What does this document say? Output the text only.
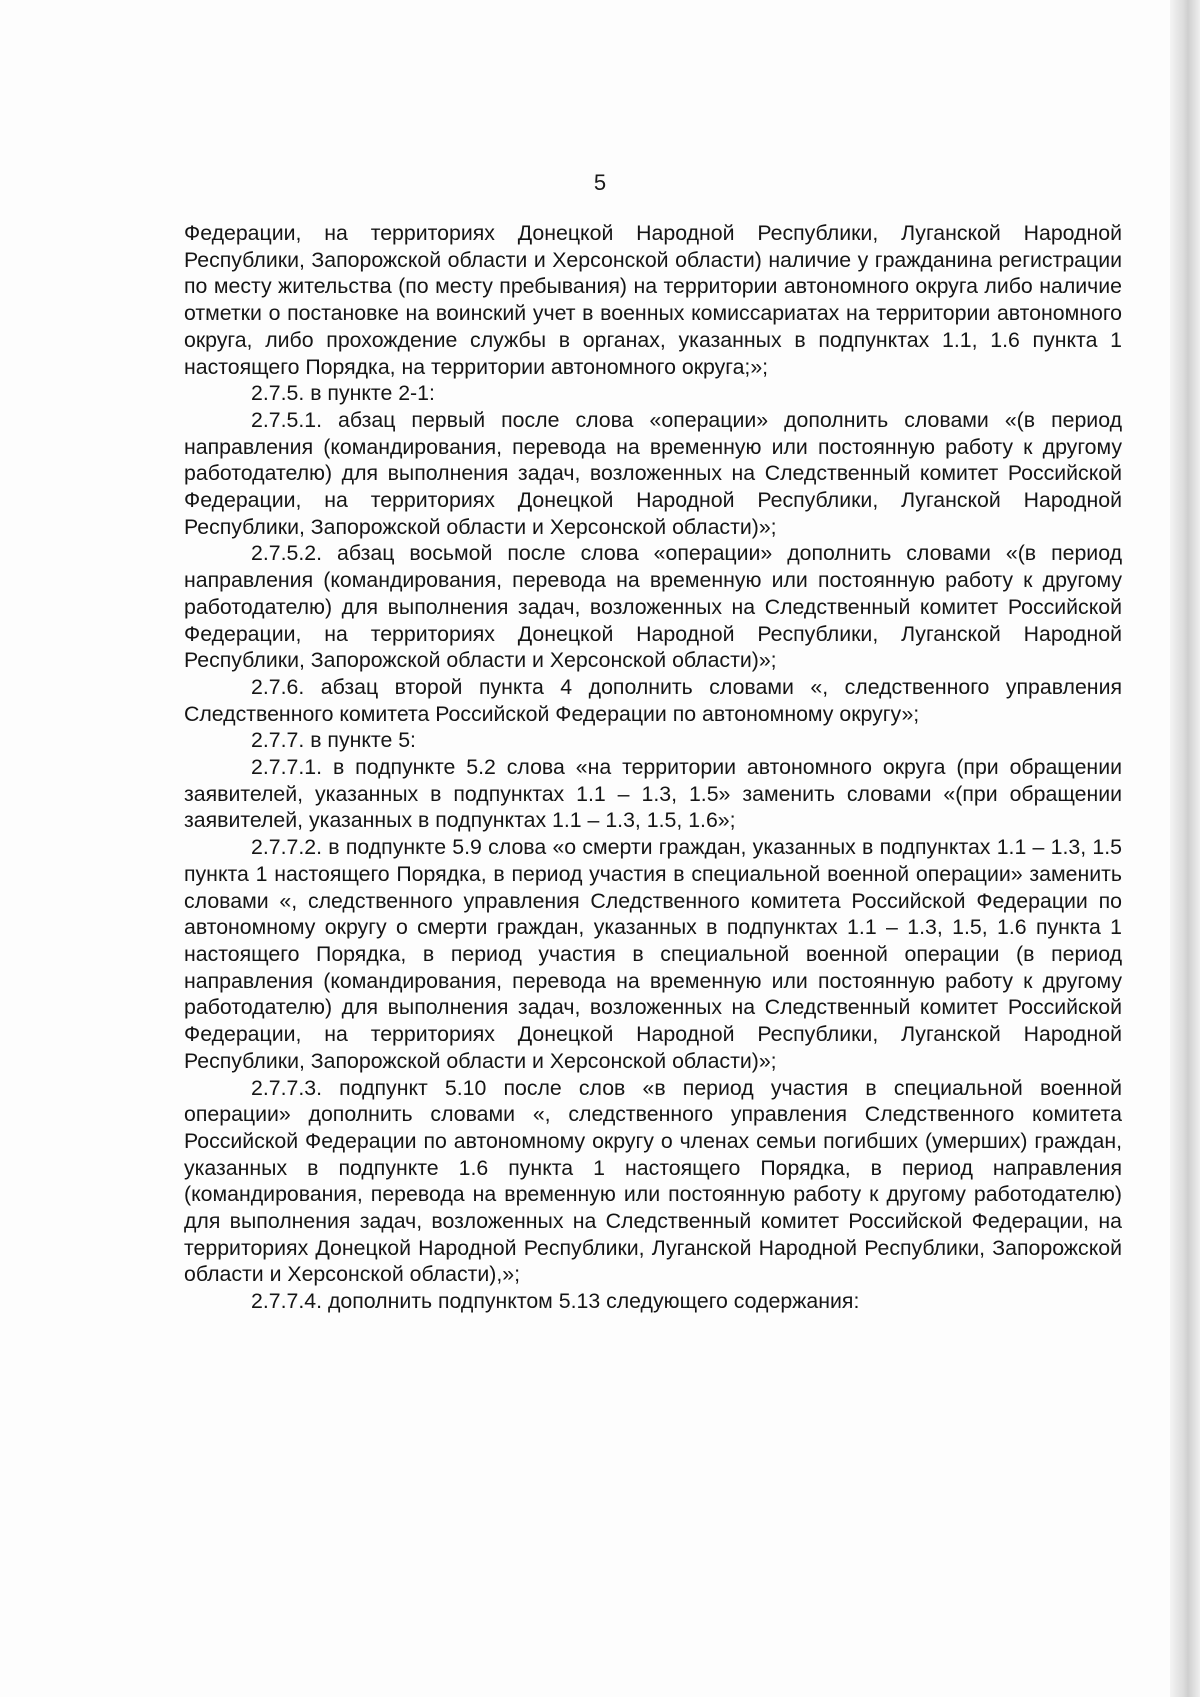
5

Федерации, на территориях Донецкой Народной Республики, Луганской Народной Республики, Запорожской области и Херсонской области) наличие у гражданина регистрации по месту жительства (по месту пребывания) на территории автономного округа либо наличие отметки о постановке на воинский учет в военных комиссариатах на территории автономного округа, либо прохождение службы в органах, указанных в подпунктах 1.1, 1.6 пункта 1 настоящего Порядка, на территории автономного округа;»;

2.7.5. в пункте 2-1:

2.7.5.1. абзац первый после слова «операции» дополнить словами «(в период направления (командирования, перевода на временную или постоянную работу к другому работодателю) для выполнения задач, возложенных на Следственный комитет Российской Федерации, на территориях Донецкой Народной Республики, Луганской Народной Республики, Запорожской области и Херсонской области)»;

2.7.5.2. абзац восьмой после слова «операции» дополнить словами «(в период направления (командирования, перевода на временную или постоянную работу к другому работодателю) для выполнения задач, возложенных на Следственный комитет Российской Федерации, на территориях Донецкой Народной Республики, Луганской Народной Республики, Запорожской области и Херсонской области)»;

2.7.6. абзац второй пункта 4 дополнить словами «, следственного управления Следственного комитета Российской Федерации по автономному округу»;

2.7.7. в пункте 5:

2.7.7.1. в подпункте 5.2 слова «на территории автономного округа (при обращении заявителей, указанных в подпунктах 1.1 – 1.3, 1.5» заменить словами «(при обращении заявителей, указанных в подпунктах 1.1 – 1.3, 1.5, 1.6»;

2.7.7.2. в подпункте 5.9 слова «о смерти граждан, указанных в подпунктах 1.1 – 1.3, 1.5 пункта 1 настоящего Порядка, в период участия в специальной военной операции» заменить словами «, следственного управления Следственного комитета Российской Федерации по автономному округу о смерти граждан, указанных в подпунктах 1.1 – 1.3, 1.5, 1.6 пункта 1 настоящего Порядка, в период участия в специальной военной операции (в период направления (командирования, перевода на временную или постоянную работу к другому работодателю) для выполнения задач, возложенных на Следственный комитет Российской Федерации, на территориях Донецкой Народной Республики, Луганской Народной Республики, Запорожской области и Херсонской области)»;

2.7.7.3. подпункт 5.10 после слов «в период участия в специальной военной операции» дополнить словами «, следственного управления Следственного комитета Российской Федерации по автономному округу о членах семьи погибших (умерших) граждан, указанных в подпункте 1.6 пункта 1 настоящего Порядка, в период направления (командирования, перевода на временную или постоянную работу к другому работодателю) для выполнения задач, возложенных на Следственный комитет Российской Федерации, на территориях Донецкой Народной Республики, Луганской Народной Республики, Запорожской области и Херсонской области),»;

2.7.7.4. дополнить подпунктом 5.13 следующего содержания:
